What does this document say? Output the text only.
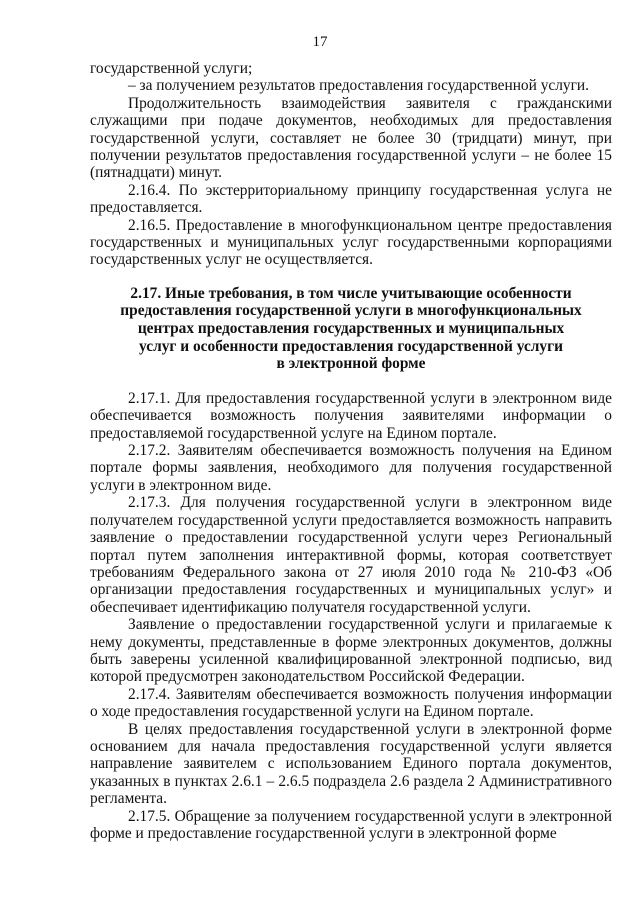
17

государственной услуги;

– за получением результатов предоставления государственной услуги.

Продолжительность взаимодействия заявителя с гражданскими служащими при подаче документов, необходимых для предоставления государственной услуги, составляет не более 30 (тридцати) минут, при получении результатов предоставления государственной услуги – не более 15 (пятнадцати) минут.

2.16.4. По экстерриториальному принципу государственная услуга не предоставляется.

2.16.5. Предоставление в многофункциональном центре предоставления государственных и муниципальных услуг государственными корпорациями государственных услуг не осуществляется.

2.17. Иные требования, в том числе учитывающие особенности
предоставления государственной услуги в многофункциональных
центрах предоставления государственных и муниципальных
услуг и особенности предоставления государственной услуги
в электронной форме

2.17.1. Для предоставления государственной услуги в электронном виде обеспечивается возможность получения заявителями информации о предоставляемой государственной услуге на Едином портале.

2.17.2. Заявителям обеспечивается возможность получения на Едином портале формы заявления, необходимого для получения государственной услуги в электронном виде.

2.17.3. Для получения государственной услуги в электронном виде получателем государственной услуги предоставляется возможность направить заявление о предоставлении государственной услуги через Региональный портал путем заполнения интерактивной формы, которая соответствует требованиям Федерального закона от 27 июля 2010 года № 210-ФЗ «Об организации предоставления государственных и муниципальных услуг» и обеспечивает идентификацию получателя государственной услуги.

Заявление о предоставлении государственной услуги и прилагаемые к нему документы, представленные в форме электронных документов, должны быть заверены усиленной квалифицированной электронной подписью, вид которой предусмотрен законодательством Российской Федерации.

2.17.4. Заявителям обеспечивается возможность получения информации о ходе предоставления государственной услуги на Едином портале.

В целях предоставления государственной услуги в электронной форме основанием для начала предоставления государственной услуги является направление заявителем с использованием Единого портала документов, указанных в пунктах 2.6.1 – 2.6.5 подраздела 2.6 раздела 2 Административного регламента.

2.17.5. Обращение за получением государственной услуги в электронной форме и предоставление государственной услуги в электронной форме
